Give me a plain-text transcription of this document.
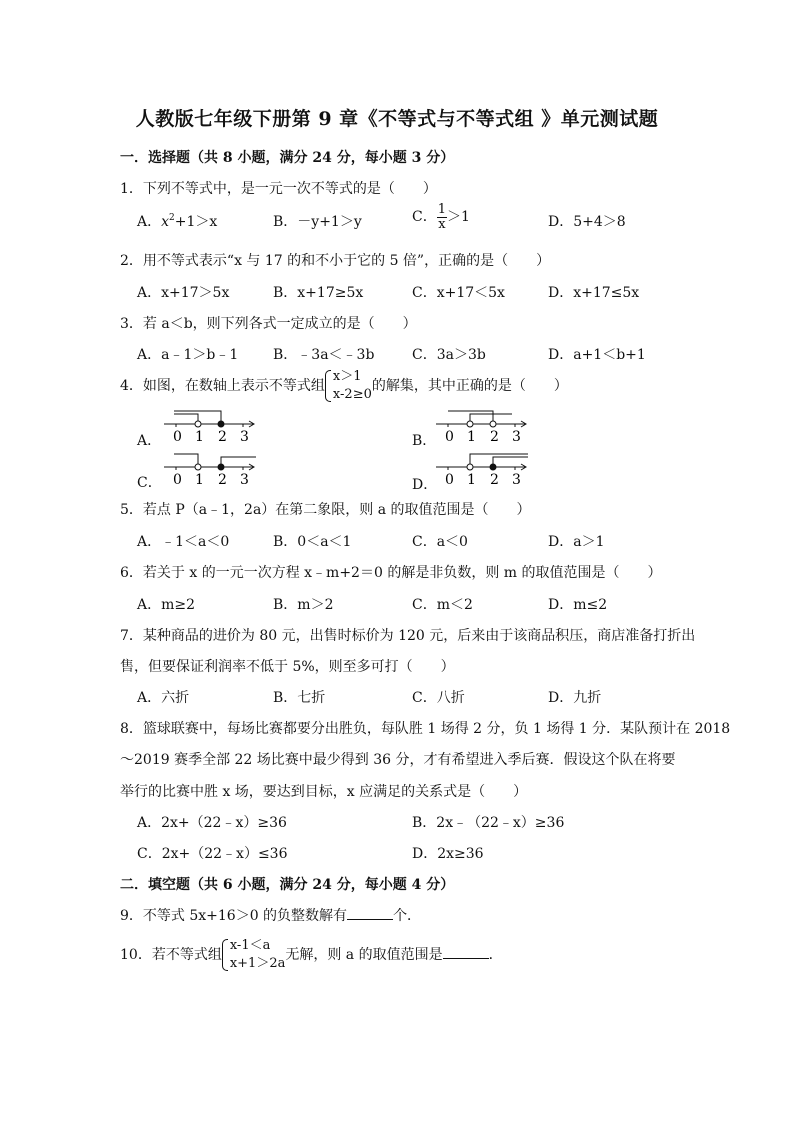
人教版七年级下册第 9 章《不等式与不等式组 》单元测试题
一．选择题（共 8 小题，满分 24 分，每小题 3 分）
1．下列不等式中，是一元一次不等式的是（　　）
A．$x^2+1>x$	B．－y+1＞y	C． $\frac{1}{x} >1$	D．5+4＞8
2．用不等式表示“x 与 17 的和不小于它的 5 倍”，正确的是（　　）
A．x+17＞5x	B．x+17≥5x	C．x+17＜5x	D．x+17≤5x
3．若 a＜b，则下列各式一定成立的是（　　）
A．a﹣1＞b﹣1 B．﹣3a＜﹣3b	C．3a＞3b	D．a+1＜b+1
4．如图，在数轴上表示不等式组
x＞1
x-2≥0
的解集，其中正确的是（　　）
A． 0 1 2 3	B． 0 1 2 3
C． 0 1 2 3	D． 0 1 2 3
5．若点 P（a﹣1，2a）在第二象限，则 a 的取值范围是（　　）
A．﹣1＜a＜0	B．0＜a＜1	C．a＜0	D．a＞1
6．若关于 x 的一元一次方程 x﹣m+2＝0 的解是非负数，则 m 的取值范围是（　　）
A．m≥2	B．m＞2	C．m＜2	D．m≤2
7．某种商品的进价为 80 元，出售时标价为 120 元，后来由于该商品积压，商店准备打折出
售，但要保证利润率不低于 5%，则至多可打（　　）
A．六折	B．七折	C．八折	D．九折
8．篮球联赛中，每场比赛都要分出胜负，每队胜 1 场得 2 分，负 1 场得 1 分．某队预计在 2018
～2019 赛季全部 22 场比赛中最少得到 36 分，才有希望进入季后赛．假设这个队在将要
举行的比赛中胜 x 场，要达到目标，x 应满足的关系式是（　　）
A．2x+（22﹣x）≥36	B．2x﹣（22﹣x）≥36
C．2x+（22﹣x）≤36	D．2x≥36
二．填空题（共 6 小题，满分 24 分，每小题 4 分）
9．不等式 5x+16＞0 的负整数解有	个．
10．若不等式组
x-1＜a
x+1＞2a
无解，则 a 的取值范围是	．
